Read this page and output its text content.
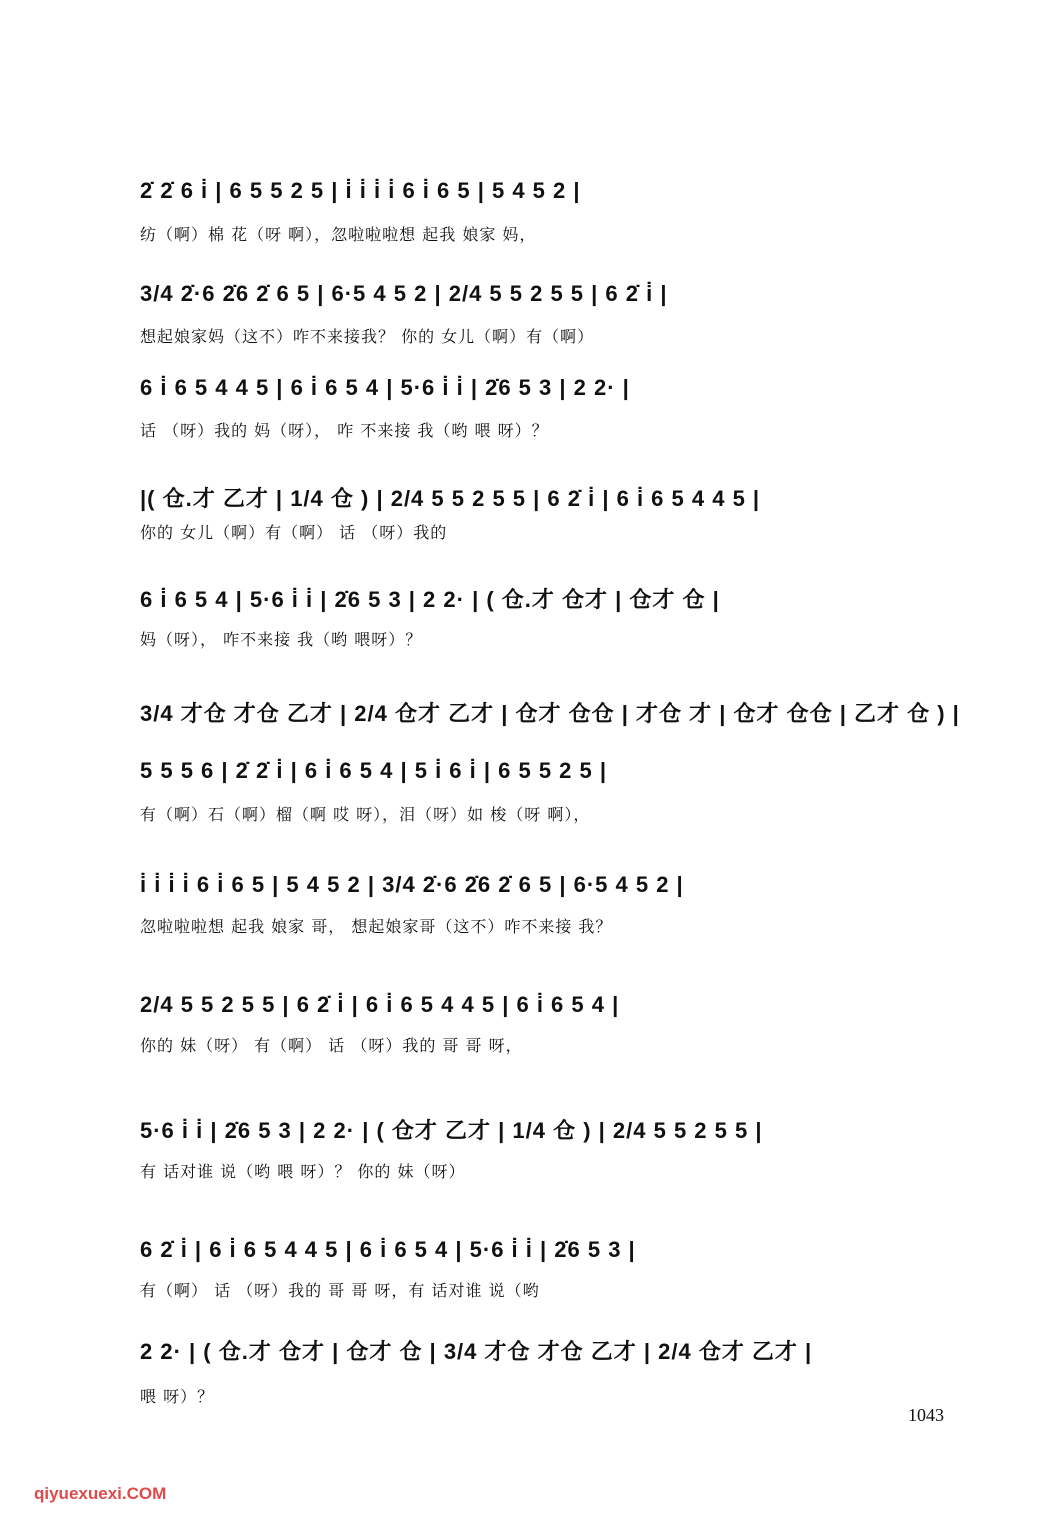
2̇ 2̇ 6 i̇ | 6 5 5 2 5 | i̇ i̇ i̇ i̇ 6 i̇ 6 5 | 5 4 5 2 |
纺（啊）棉 花（呀 啊），忽啦啦啦想 起我 娘家 妈，
3/4 2̇·6 2̇6 2̇ 6 5 | 6·5 4 5 2 | 2/4 5 5 2 5 5 | 6 2̇ i̇ |
想起娘家妈（这不）咋不来接我？ 你的 女儿（啊）有（啊）
6 i̇ 6 5 4 4 5 | 6 i̇ 6 5 4 | 5·6 i̇ i̇ | 2̇6 5 3 | 2 2· |
话 （呀）我的 妈（呀）， 咋 不来接 我（哟 喂 呀）？
|( 仓.才 乙才 | 1/4 仓 ) | 2/4 5 5 2 5 5 | 6 2̇ i̇ | 6 i̇ 6 5 4 4 5 |
你的 女儿（啊）有（啊） 话 （呀）我的
6 i̇ 6 5 4 | 5·6 i̇ i̇ | 2̇6 5 3 | 2 2· | ( 仓.才 仓才 | 仓才 仓 |
妈（呀）， 咋不来接 我（哟 喂呀）？
3/4 才仓 才仓 乙才 | 2/4 仓才 乙才 | 仓才 仓仓 | 才仓 才 | 仓才 仓仓 | 乙才 仓 ) |
5 5 5 6 | 2̇ 2̇ i̇ | 6 i̇ 6 5 4 | 5 i̇ 6 i̇ | 6 5 5 2 5 |
有（啊）石（啊）榴（啊 哎 呀），泪（呀）如 梭（呀 啊），
i̇ i̇ i̇ i̇ 6 i̇ 6 5 | 5 4 5 2 | 3/4 2̇·6 2̇6 2̇ 6 5 | 6·5 4 5 2 |
忽啦啦啦想 起我 娘家 哥， 想起娘家哥（这不）咋不来接 我？
2/4 5 5 2 5 5 | 6 2̇ i̇ | 6 i̇ 6 5 4 4 5 | 6 i̇ 6 5 4 |
你的 妹（呀） 有（啊） 话 （呀）我的 哥 哥 呀，
5·6 i̇ i̇ | 2̇6 5 3 | 2 2· | ( 仓才 乙才 | 1/4 仓 ) | 2/4 5 5 2 5 5 |
有 话对谁 说（哟 喂 呀）？ 你的 妹（呀）
6 2̇ i̇ | 6 i̇ 6 5 4 4 5 | 6 i̇ 6 5 4 | 5·6 i̇ i̇ | 2̇6 5 3 |
有（啊） 话 （呀）我的 哥 哥 呀，有 话对谁 说（哟
2 2· | ( 仓.才 仓才 | 仓才 仓 | 3/4 才仓 才仓 乙才 | 2/4 仓才 乙才 |
喂 呀）？
1043
qiyuexuexi.COM
